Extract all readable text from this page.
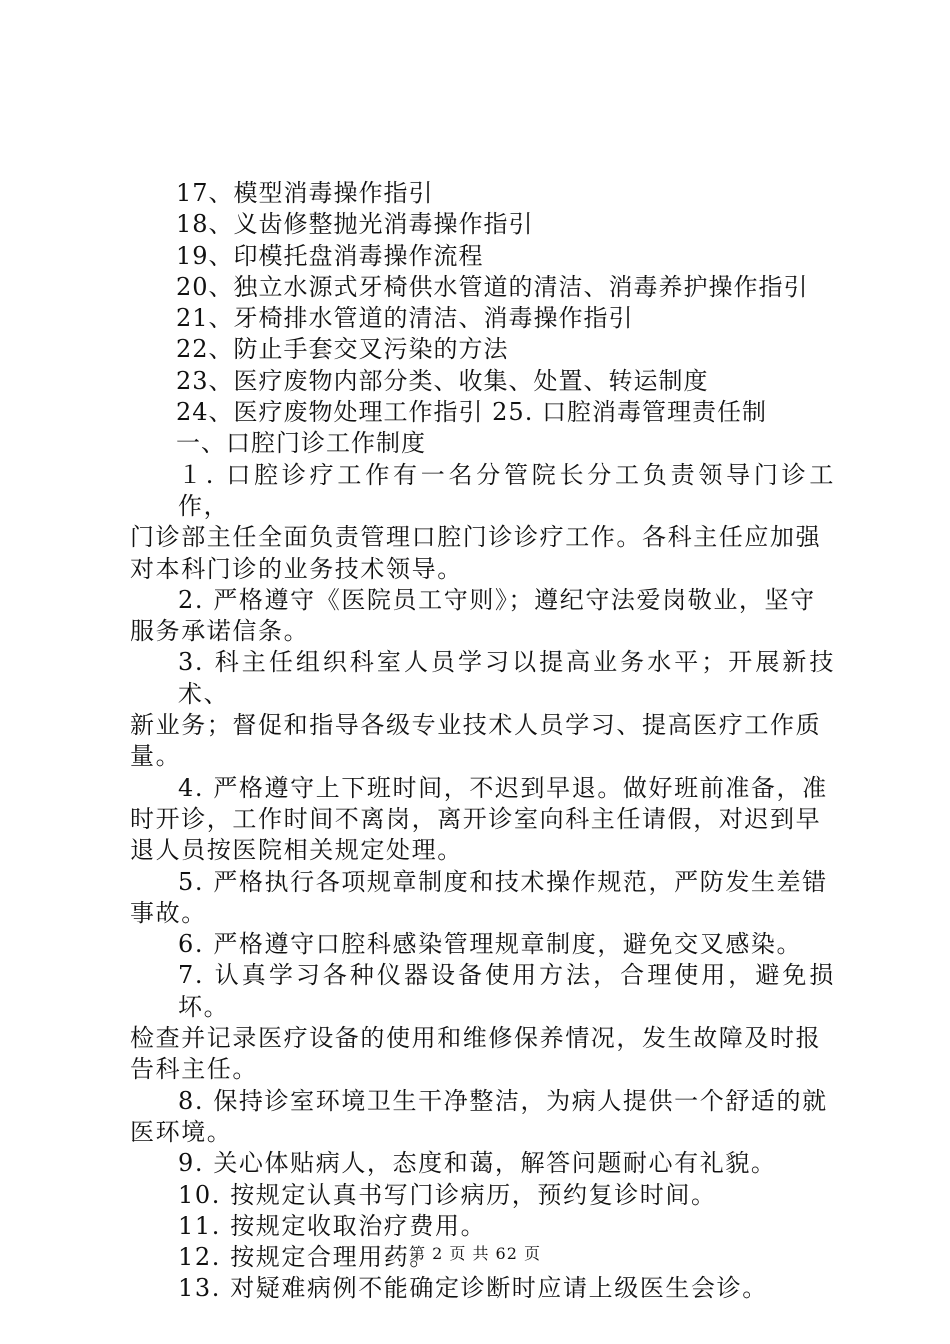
17、模型消毒操作指引
18、义齿修整抛光消毒操作指引
19、印模托盘消毒操作流程
20、独立水源式牙椅供水管道的清洁、消毒养护操作指引
21、牙椅排水管道的清洁、消毒操作指引
22、防止手套交叉污染的方法
23、医疗废物内部分类、收集、处置、转运制度
24、医疗废物处理工作指引 25. 口腔消毒管理责任制
一、口腔门诊工作制度
１. 口腔诊疗工作有一名分管院长分工负责领导门诊工作，
门诊部主任全面负责管理口腔门诊诊疗工作。各科主任应加强
对本科门诊的业务技术领导。
2. 严格遵守《医院员工守则》；遵纪守法爱岗敬业，坚守
服务承诺信条。
3. 科主任组织科室人员学习以提高业务水平；开展新技术、
新业务；督促和指导各级专业技术人员学习、提高医疗工作质
量。
4. 严格遵守上下班时间，不迟到早退。做好班前准备，准
时开诊，工作时间不离岗，离开诊室向科主任请假，对迟到早
退人员按医院相关规定处理。
5. 严格执行各项规章制度和技术操作规范，严防发生差错
事故。
6. 严格遵守口腔科感染管理规章制度，避免交叉感染。
7. 认真学习各种仪器设备使用方法，合理使用，避免损坏。
检查并记录医疗设备的使用和维修保养情况，发生故障及时报
告科主任。
8. 保持诊室环境卫生干净整洁，为病人提供一个舒适的就
医环境。
9. 关心体贴病人，态度和蔼，解答问题耐心有礼貌。
10. 按规定认真书写门诊病历，预约复诊时间。
11. 按规定收取治疗费用。
12. 按规定合理用药。
13. 对疑难病例不能确定诊断时应请上级医生会诊。
第 2 页 共 62 页
